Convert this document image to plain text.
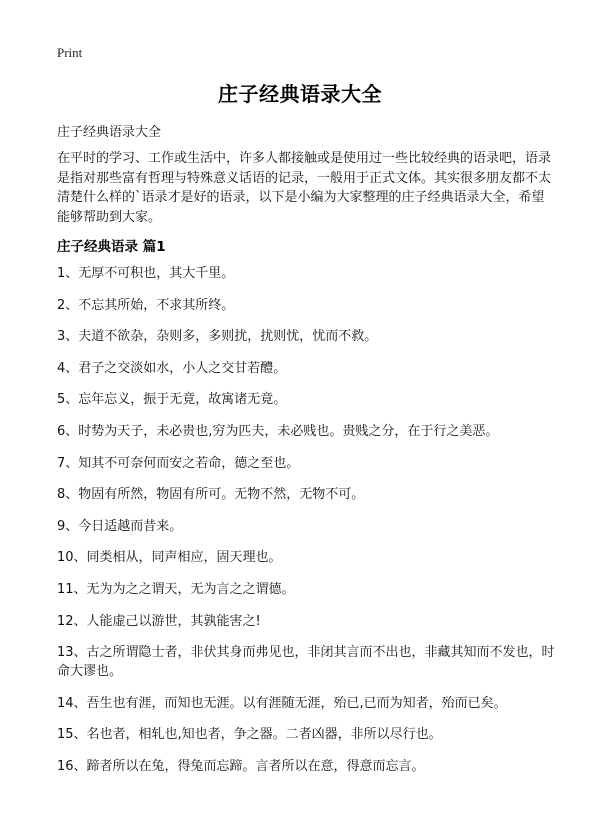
Print
庄子经典语录大全
庄子经典语录大全

在平时的学习、工作或生活中，许多人都接触或是使用过一些比较经典的语录吧，语录是指对那些富有哲理与特殊意义话语的记录，一般用于正式文体。其实很多朋友都不太清楚什么样的`语录才是好的语录，以下是小编为大家整理的庄子经典语录大全，希望能够帮助到大家。

庄子经典语录 篇1
1、无厚不可积也，其大千里。
2、不忘其所始，不求其所终。
3、夫道不欲杂，杂则多，多则扰，扰则忧，忧而不救。
4、君子之交淡如水，小人之交甘若醴。
5、忘年忘义，振于无竟，故寓诸无竟。
6、时势为天子，未必贵也,穷为匹夫，未必贱也。贵贱之分，在于行之美恶。
7、知其不可奈何而安之若命，德之至也。
8、物固有所然，物固有所可。无物不然，无物不可。
9、今日适越而昔来。
10、同类相从，同声相应，固天理也。
11、无为为之之谓天，无为言之之谓德。
12、人能虚己以游世，其孰能害之!
13、古之所谓隐士者，非伏其身而弗见也，非闭其言而不出也，非藏其知而不发也，时命大谬也。
14、吾生也有涯，而知也无涯。以有涯随无涯，殆已,已而为知者，殆而已矣。
15、名也者，相轧也,知也者，争之器。二者凶器，非所以尽行也。
16、蹄者所以在兔，得兔而忘蹄。言者所以在意，得意而忘言。
